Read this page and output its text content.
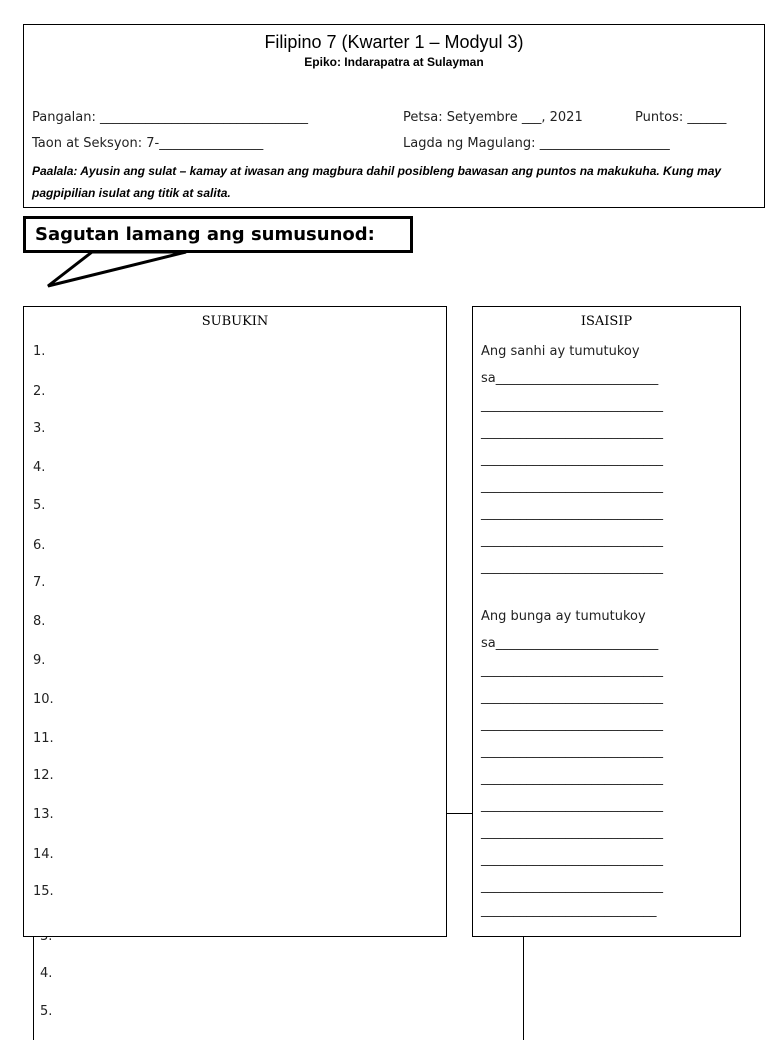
Filipino 7 (Kwarter 1 – Modyul 3)
Epiko: Indarapatra at Sulayman
Pangalan: ________________________________	Petsa: Setyembre ___, 2021	Puntos: ______
Taon at Seksyon: 7-________________	Lagda ng Magulang: ____________________
Paalala: Ayusin ang sulat – kamay at iwasan ang magbura dahil posibleng bawasan ang puntos na makukuha. Kung may pagpipilian isulat ang titik at salita.
Sagutan lamang ang sumusunod:
4.
5.
SUBUKIN
1.
2.
3.
4.
5.
6.
7.
8.
9.
10.
11.
12.
13.
14.
15.
ISAISIP
Ang sanhi ay tumutukoy
sa_________________________
____________________________
____________________________
____________________________
____________________________
____________________________
____________________________
____________________________
Ang bunga ay tumutukoy
sa_________________________
____________________________
____________________________
____________________________
____________________________
____________________________
____________________________
____________________________
____________________________
____________________________
___________________________
